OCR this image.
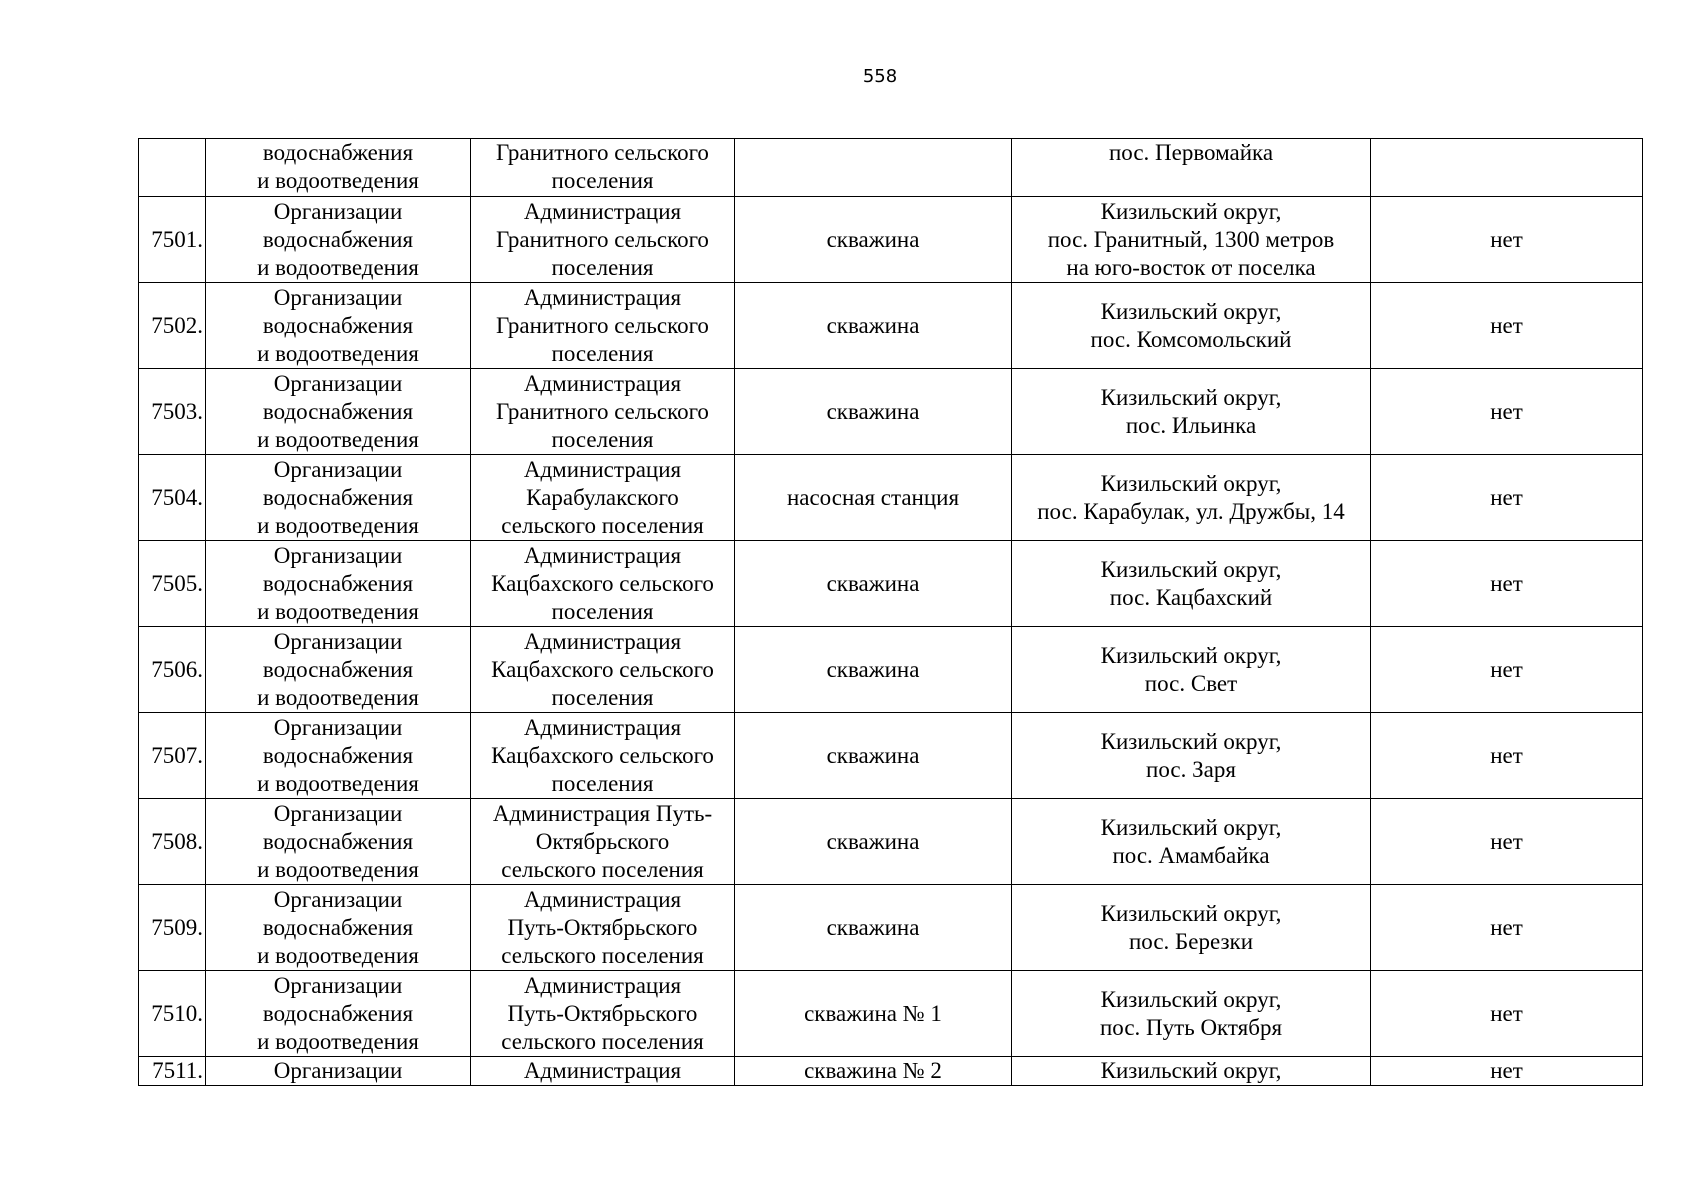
558

	водоснабжения
и водоотведения	Гранитного сельского
поселения		пос. Первомайка	

7501.	Организации
водоснабжения
и водоотведения	Администрация
Гранитного сельского
поселения	скважина	Кизильский округ,
пос. Гранитный, 1300 метров
на юго-восток от поселка	нет
7502.	Организации
водоснабжения
и водоотведения	Администрация
Гранитного сельского
поселения	скважина	Кизильский округ,
пос. Комсомольский	нет
7503.	Организации
водоснабжения
и водоотведения	Администрация
Гранитного сельского
поселения	скважина	Кизильский округ,
пос. Ильинка	нет
7504.	Организации
водоснабжения
и водоотведения	Администрация
Карабулакского
сельского поселения	насосная станция	Кизильский округ,
пос. Карабулак, ул. Дружбы, 14	нет
7505.	Организации
водоснабжения
и водоотведения	Администрация
Кацбахского сельского
поселения	скважина	Кизильский округ,
пос. Кацбахский	нет
7506.	Организации
водоснабжения
и водоотведения	Администрация
Кацбахского сельского
поселения	скважина	Кизильский округ,
пос. Свет	нет
7507.	Организации
водоснабжения
и водоотведения	Администрация
Кацбахского сельского
поселения	скважина	Кизильский округ,
пос. Заря	нет
7508.	Организации
водоснабжения
и водоотведения	Администрация Путь-
Октябрьского
сельского поселения	скважина	Кизильский округ,
пос. Амамбайка	нет
7509.	Организации
водоснабжения
и водоотведения	Администрация
Путь-Октябрьского
сельского поселения	скважина	Кизильский округ,
пос. Березки	нет
7510.	Организации
водоснабжения
и водоотведения	Администрация
Путь-Октябрьского
сельского поселения	скважина № 1	Кизильский округ,
пос. Путь Октября	нет
7511.	Организации	Администрация	скважина № 2	Кизильский округ,	нет
